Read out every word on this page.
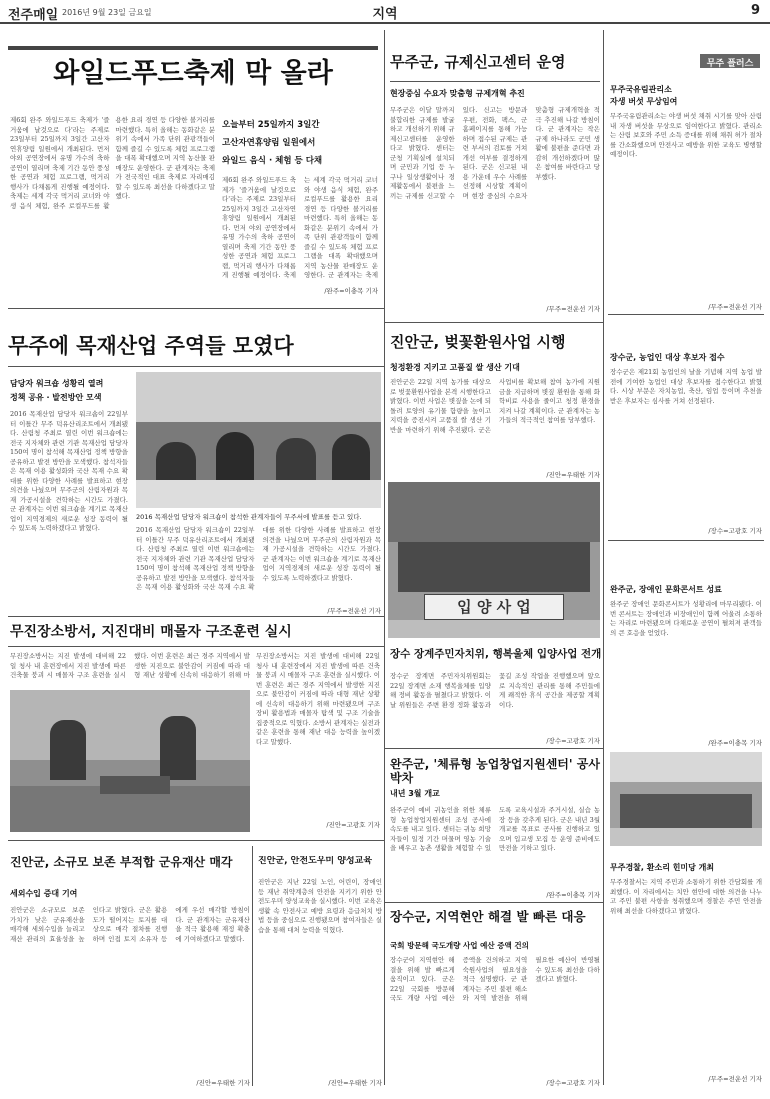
전주매일 2016년 9월 23일 금요일	지역	9
와일드푸드축제 막 올라
오늘부터 25일까지 3일간
고산자연휴양림 일원에서
와일드 음식 · 체험 등 다채
제6회 완주 와일드푸드 축제가 '즐거움에 날것으로 다'라는 주제로 23일부터 25일까지 3일간 고산자연휴양림 일원에서 개최된다. 먼저 야외 공연장에서 유명 가수의 축하 공연이 열리며 축제 기간 동안 풍성한 공연과 체험 프로그램, 먹거리 행사가 다채롭게 진행될 예정이다. 축제는 세계 각국 먹거리 코너와 야생 음식 체험, 완주 로컬푸드를 활용한 요리 경연 등 다양한 볼거리를 마련했다. 특히 올해는 동화같은 분위기 속에서 가족 단위 관광객들이 함께 즐길 수 있도록 체험 프로그램을 대폭 확대했으며 지역 농산물 판매장도 운영한다. 군 관계자는 축제가 전국적인 대표 축제로 자리매김할 수 있도록 최선을 다하겠다고 말했다.
제6회 완주 와일드푸드 축제가 '즐거움에 날것으로 다'라는 주제로 23일부터 25일까지 3일간 고산자연휴양림 일원에서 개최된다. 먼저 야외 공연장에서 유명 가수의 축하 공연이 열리며 축제 기간 동안 풍성한 공연과 체험 프로그램, 먹거리 행사가 다채롭게 진행될 예정이다. 축제는 세계 각국 먹거리 코너와 야생 음식 체험, 완주 로컬푸드를 활용한 요리 경연 등 다양한 볼거리를 마련했다. 특히 올해는 동화같은 분위기 속에서 가족 단위 관광객들이 함께 즐길 수 있도록 체험 프로그램을 대폭 확대했으며 지역 농산물 판매장도 운영한다. 군 관계자는 축제
/완주=이충목 기자
무주군, 규제신고센터 운영
현장중심 수요자 맞춤형 규제개혁 추진
무주군은 이달 말까지 불합리한 규제를 발굴하고 개선하기 위해 규제신고센터를 운영한다고 밝혔다. 센터는 군청 기획실에 설치되며 군민과 기업 등 누구나 일상생활이나 경제활동에서 불편을 느끼는 규제를 신고할 수 있다. 신고는 방문과 우편, 전화, 팩스, 군 홈페이지를 통해 가능하며 접수된 규제는 관련 부서의 검토를 거쳐 개선 여부를 결정하게 된다. 군은 신고된 내용 가운데 우수 사례를 선정해 시상할 계획이며 현장 중심의 수요자 맞춤형 규제개혁을 적극 추진해 나갈 방침이다. 군 관계자는 작은 규제 하나라도 군민 생활에 불편을 준다면 과감히 개선하겠다며 많은 참여를 바란다고 당부했다.
/무주=전운선 기자
무주에 목재산업 주역들 모였다
담당자 워크숍 성황리 열려
정책 공유 · 발전방안 모색
2016 목재산업 담당자 워크숍이 22일부터 이틀간 무주 덕유산리조트에서 개최됐다. 산림청 주최로 열린 이번 워크숍에는 전국 지자체와 관련 기관 목재산업 담당자 150여 명이 참석해 목재산업 정책 방향을 공유하고 발전 방안을 모색했다. 참석자들은 목재 이용 활성화와 국산 목재 수요 확대를 위한 다양한 사례를 발표하고 현장 의견을 나눴으며 무주군의 산림자원과 목재 가공시설을 견학하는 시간도 가졌다. 군 관계자는 이번 워크숍을 계기로 목재산업이 지역경제의 새로운 성장 동력이 될 수 있도록 노력하겠다고 밝혔다.
2016 목재산업 담당자 워크숍이 참석한 관계자들이 무주서에 발표를 듣고 있다.
2016 목재산업 담당자 워크숍이 22일부터 이틀간 무주 덕유산리조트에서 개최됐다. 산림청 주최로 열린 이번 워크숍에는 전국 지자체와 관련 기관 목재산업 담당자 150여 명이 참석해 목재산업 정책 방향을 공유하고 발전 방안을 모색했다. 참석자들은 목재 이용 활성화와 국산 목재 수요 확대를 위한 다양한 사례를 발표하고 현장 의견을 나눴으며 무주군의 산림자원과 목재 가공시설을 견학하는 시간도 가졌다. 군 관계자는 이번 워크숍을 계기로 목재산업이 지역경제의 새로운 성장 동력이 될 수 있도록 노력하겠다고 밝혔다.
/무주=전운선 기자
진안군, 벚꽃환원사업 시행
청정환경 지키고 고품질 쌀 생산 기대
진안군은 22일 지역 농가를 대상으로 벚꽃환원사업을 본격 시행한다고 밝혔다. 이번 사업은 볏짚을 논에 되돌려 토양의 유기물 함량을 높이고 지력을 증진시켜 고품질 쌀 생산 기반을 마련하기 위해 추진됐다. 군은 사업비를 확보해 참여 농가에 지원금을 지급하며 볏짚 환원을 통해 화학비료 사용을 줄이고 청정 환경을 지켜 나갈 계획이다. 군 관계자는 농가들의 적극적인 참여를 당부했다.
/진안=우태한 기자
입 양 사 업
장수 장계주민자치위, 행복울체 입양사업 전개
장수군 장계면 주민자치위원회는 22일 장계면 소재 행복울체를 입양해 정비 활동을 펼쳤다고 밝혔다. 이날 위원들은 주변 환경 정화 활동과 꽃길 조성 작업을 진행했으며 앞으로 지속적인 관리를 통해 주민들에게 쾌적한 휴식 공간을 제공할 계획이다.
/장수=고광호 기자
무진장소방서, 지진대비 매몰자 구조훈련 실시
무진장소방서는 지진 발생에 대비해 22일 청사 내 훈련장에서 지진 발생에 따른 건축물 붕괴 시 매몰자 구조 훈련을 실시했다. 이번 훈련은 최근 경주 지역에서 발생한 지진으로 불안감이 커짐에 따라 대형 재난 상황에 신속히 대응하기 위해 마
무진장소방서는 지진 발생에 대비해 22일 청사 내 훈련장에서 지진 발생에 따른 건축물 붕괴 시 매몰자 구조 훈련을 실시했다. 이번 훈련은 최근 경주 지역에서 발생한 지진으로 불안감이 커짐에 따라 대형 재난 상황에 신속히 대응하기 위해 마련됐으며 구조 장비 활용법과 매몰자 탐색 및 구조 기술을 집중적으로 익혔다. 소방서 관계자는 실전과 같은 훈련을 통해 재난 대응 능력을 높이겠다고 말했다.
/진안=고광호 기자
완주군, '체류형 농업창업지원센터' 공사 박차
내년 3월 개교
완주군이 예비 귀농인을 위한 체류형 농업창업지원센터 조성 공사에 속도를 내고 있다. 센터는 귀농 희망자들이 일정 기간 머물며 영농 기술을 배우고 농촌 생활을 체험할 수 있도록 교육시설과 주거시설, 실습 농장 등을 갖추게 된다. 군은 내년 3월 개교를 목표로 공사를 진행하고 있으며 입교생 모집 등 운영 준비에도 만전을 기하고 있다.
/완주=이충목 기자
진안군, 소규모 보존 부적합 군유재산 매각
세외수입 증대 기여
진안군은 소규모로 보존 가치가 낮은 군유재산을 매각해 세외수입을 늘리고 재산 관리의 효율성을 높인다고 밝혔다. 군은 활용도가 떨어지는 토지를 대상으로 매각 절차를 진행하며 인접 토지 소유자 등에게 우선 매각할 방침이다. 군 관계자는 군유재산을 적극 활용해 재정 확충에 기여하겠다고 말했다.
/진안=우태한 기자
진안군, 안전도우미 양성교육
진안군은 지난 22일 노인, 어린이, 장애인 등 재난 취약계층의 안전을 지키기 위한 안전도우미 양성교육을 실시했다. 이번 교육은 생활 속 안전사고 예방 요령과 응급처치 방법 등을 중심으로 진행됐으며 참여자들은 실습을 통해 대처 능력을 익혔다.
/진안=우태한 기자
장수군, 지역현안 해결 발 빠른 대응
국회 방문해 국도개량 사업 예산 증액 건의
장수군이 지역현안 해결을 위해 발 빠르게 움직이고 있다. 군은 22일 국회를 방문해 국도 개량 사업 예산 증액을 건의하고 지역 숙원사업의 필요성을 적극 설명했다. 군 관계자는 주민 불편 해소와 지역 발전을 위해 필요한 예산이 반영될 수 있도록 최선을 다하겠다고 밝혔다.
/장수=고광호 기자
무주 플러스
무주국유림관리소
자생 버섯 무상임여
무주국유림관리소는 야생 버섯 채취 시기를 맞아 산림 내 자생 버섯을 무상으로 임여한다고 밝혔다. 관리소는 산림 보호와 주민 소득 증대를 위해 채취 허가 절차를 간소화했으며 안전사고 예방을 위한 교육도 병행할 예정이다.
/무주=전운선 기자
장수군, 농업인 대상 후보자 접수
장수군은 제21회 농업인의 날을 기념해 지역 농업 발전에 기여한 농업인 대상 후보자를 접수한다고 밝혔다. 시상 부문은 자치농업, 축산, 임업 등이며 추천을 받은 후보자는 심사를 거쳐 선정된다.
/장수=고광호 기자
완주군, 장애인 문화콘서트 성료
완주군 장애인 문화콘서트가 성황리에 마무리됐다. 이번 콘서트는 장애인과 비장애인이 함께 어울려 소통하는 자리로 마련됐으며 다채로운 공연이 펼쳐져 관객들의 큰 호응을 얻었다.
/완주=이충목 기자
무주경찰, 환소리 힌미당 개최
무주경찰서는 지역 주민과 소통하기 위한 간담회를 개최했다. 이 자리에서는 치안 현안에 대한 의견을 나누고 주민 불편 사항을 청취했으며 경찰은 주민 안전을 위해 최선을 다하겠다고 밝혔다.
/무주=전운선 기자
